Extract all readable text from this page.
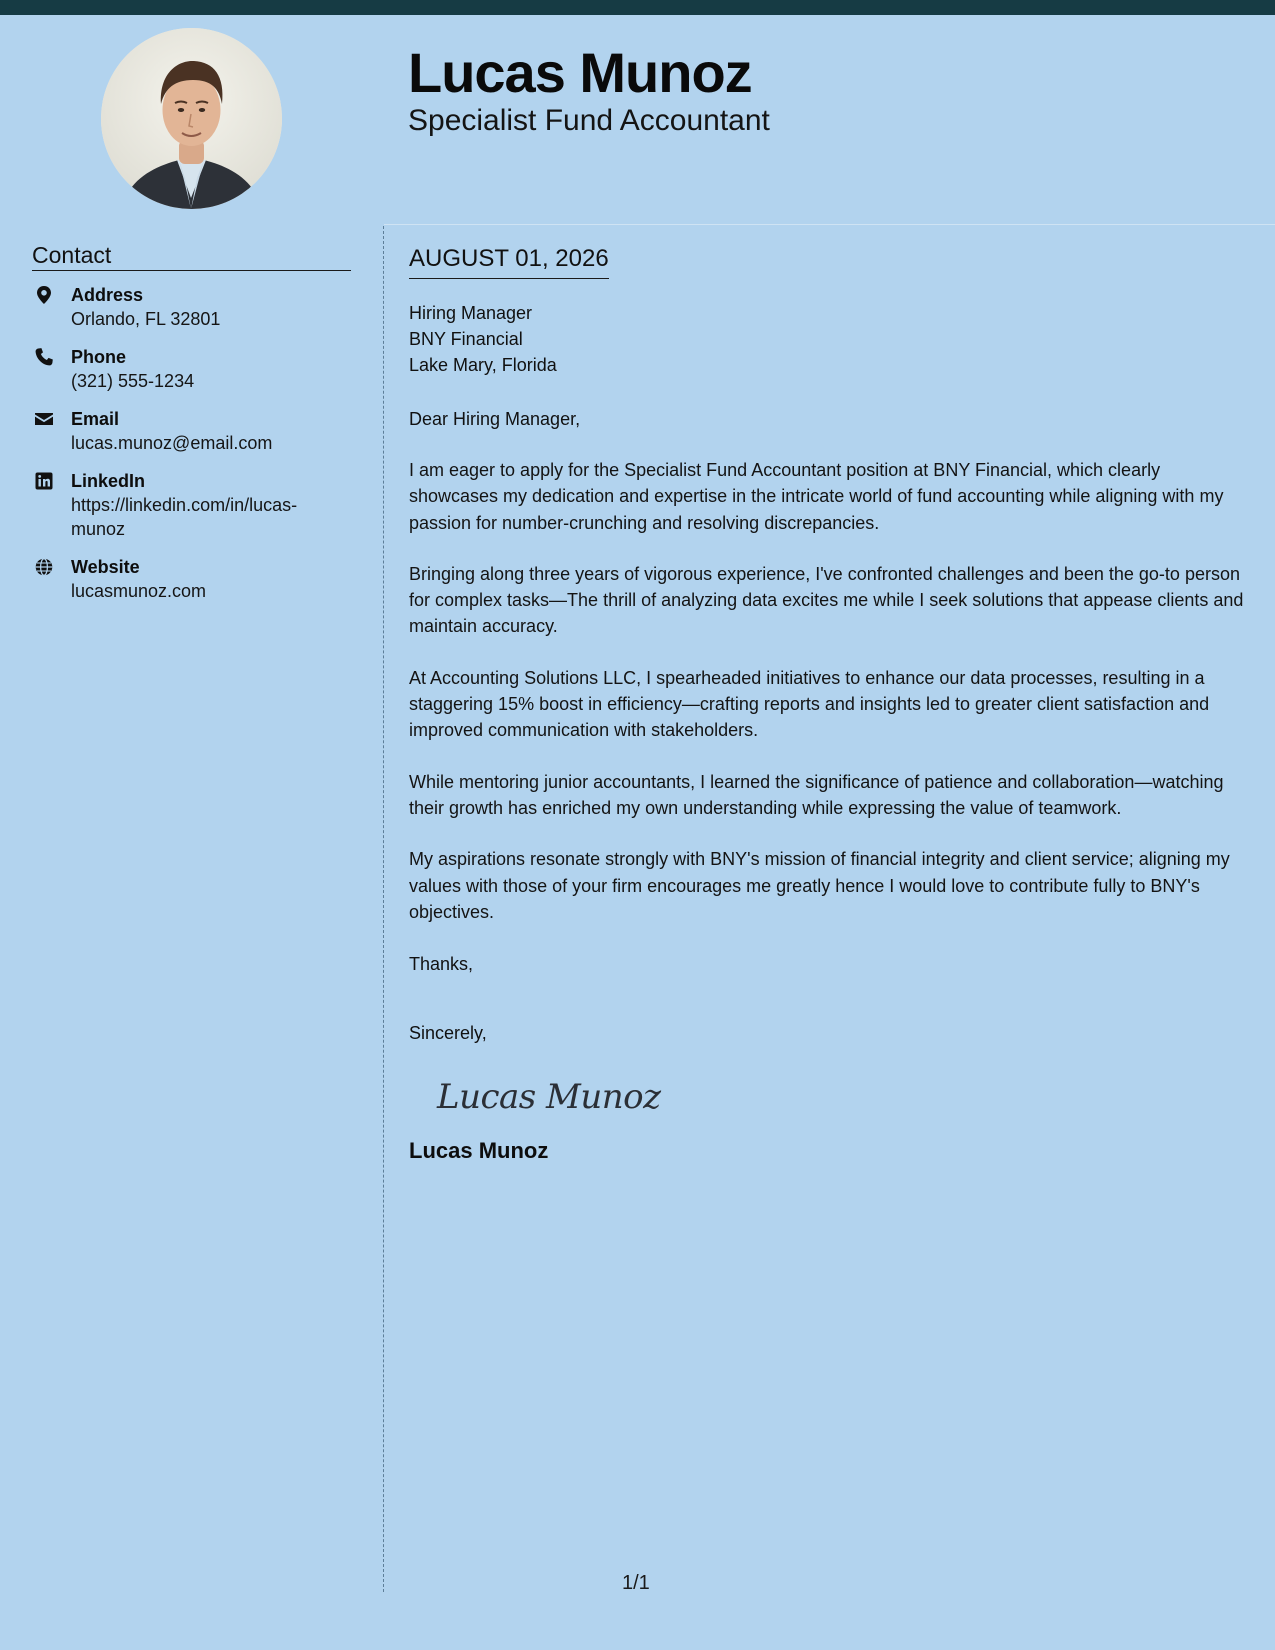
Lucas Munoz
Specialist Fund Accountant
Contact
Address
Orlando, FL 32801
Phone
(321) 555-1234
Email
lucas.munoz@email.com
LinkedIn
https://linkedin.com/in/lucas-munoz
Website
lucasmunoz.com
AUGUST 01, 2026
Hiring Manager
BNY Financial
Lake Mary, Florida
Dear Hiring Manager,

I am eager to apply for the Specialist Fund Accountant position at BNY Financial, which clearly showcases my dedication and expertise in the intricate world of fund accounting while aligning with my passion for number-crunching and resolving discrepancies.

Bringing along three years of vigorous experience, I've confronted challenges and been the go-to person for complex tasks—The thrill of analyzing data excites me while I seek solutions that appease clients and maintain accuracy.

At Accounting Solutions LLC, I spearheaded initiatives to enhance our data processes, resulting in a staggering 15% boost in efficiency—crafting reports and insights led to greater client satisfaction and improved communication with stakeholders.

While mentoring junior accountants, I learned the significance of patience and collaboration—watching their growth has enriched my own understanding while expressing the value of teamwork.

My aspirations resonate strongly with BNY's mission of financial integrity and client service; aligning my values with those of your firm encourages me greatly hence I would love to contribute fully to BNY's objectives.

Thanks,
Sincerely,
Lucas Munoz
Lucas Munoz
1/1
